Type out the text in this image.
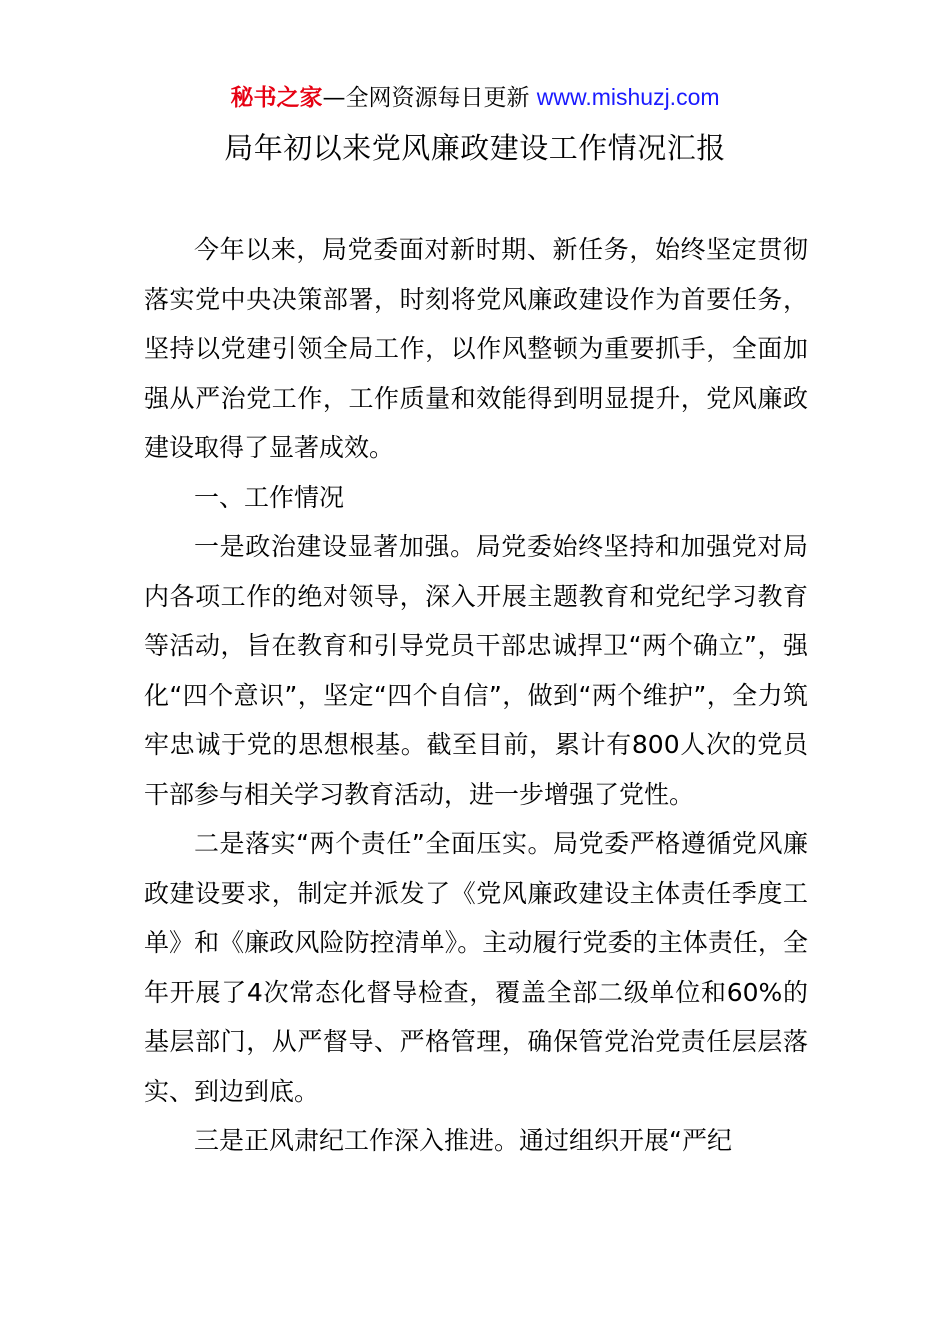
秘书之家—全网资源每日更新 www.mishuzj.com
局年初以来党风廉政建设工作情况汇报

今年以来，局党委面对新时期、新任务，始终坚定贯彻落实党中央决策部署，时刻将党风廉政建设作为首要任务，坚持以党建引领全局工作，以作风整顿为重要抓手，全面加强从严治党工作，工作质量和效能得到明显提升，党风廉政建设取得了显著成效。

一、工作情况

一是政治建设显著加强。局党委始终坚持和加强党对局内各项工作的绝对领导，深入开展主题教育和党纪学习教育等活动，旨在教育和引导党员干部忠诚捍卫“两个确立”，强化“四个意识”，坚定“四个自信”，做到“两个维护”，全力筑牢忠诚于党的思想根基。截至目前，累计有800人次的党员干部参与相关学习教育活动，进一步增强了党性。

二是落实“两个责任”全面压实。局党委严格遵循党风廉政建设要求，制定并派发了《党风廉政建设主体责任季度工单》和《廉政风险防控清单》。主动履行党委的主体责任，全年开展了4次常态化督导检查，覆盖全部二级单位和60%的基层部门，从严督导、严格管理，确保管党治党责任层层落实、到边到底。

三是正风肃纪工作深入推进。通过组织开展“严纪
